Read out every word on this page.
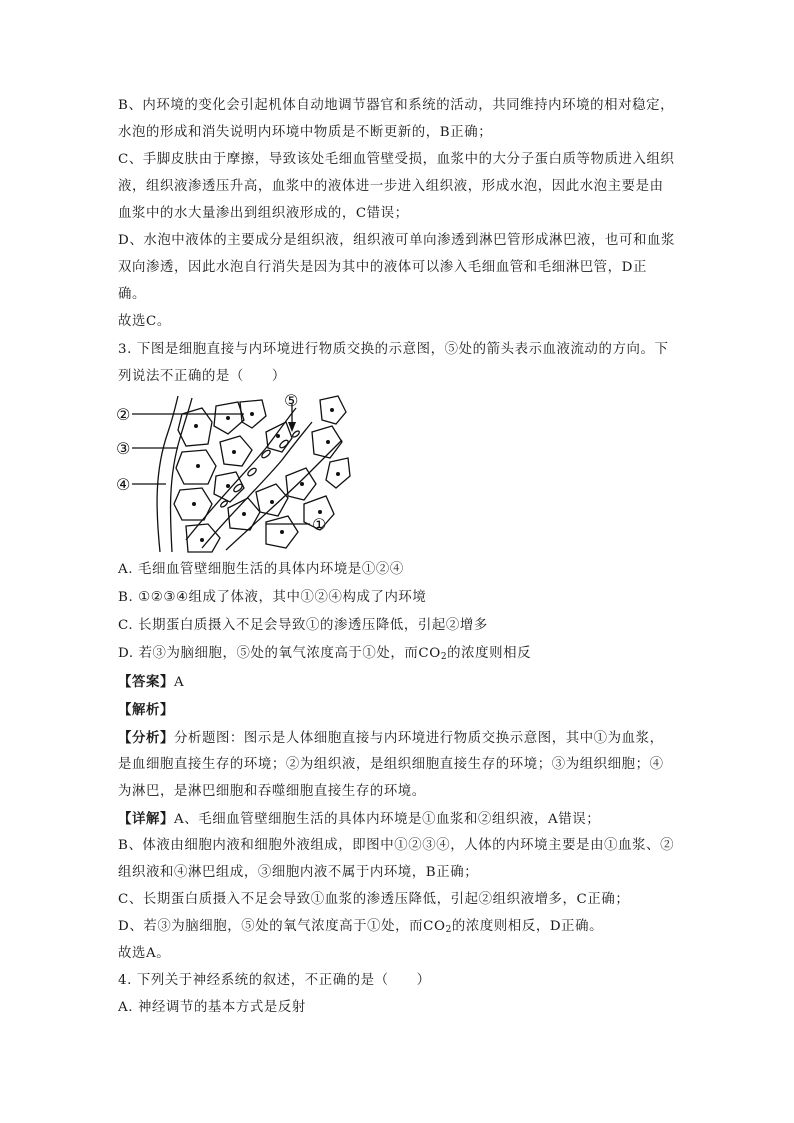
B、内环境的变化会引起机体自动地调节器官和系统的活动，共同维持内环境的相对稳定，
水泡的形成和消失说明内环境中物质是不断更新的，B正确；
C、手脚皮肤由于摩擦，导致该处毛细血管壁受损，血浆中的大分子蛋白质等物质进入组织
液，组织液渗透压升高，血浆中的液体进一步进入组织液，形成水泡，因此水泡主要是由
血浆中的水大量渗出到组织液形成的，C错误；
D、水泡中液体的主要成分是组织液，组织液可单向渗透到淋巴管形成淋巴液，也可和血浆
双向渗透，因此水泡自行消失是因为其中的液体可以渗入毛细血管和毛细淋巴管，D正
确。
故选C。
3. 下图是细胞直接与内环境进行物质交换的示意图，⑤处的箭头表示血液流动的方向。下
列说法不正确的是（　　）
②
③
④
⑤
①
A. 毛细血管壁细胞生活的具体内环境是①②④
B. ①②③④组成了体液，其中①②④构成了内环境
C. 长期蛋白质摄入不足会导致①的渗透压降低，引起②增多
D. 若③为脑细胞，⑤处的氧气浓度高于①处，而$CO_2$的浓度则相反
【答案】A
【解析】
【分析】分析题图：图示是人体细胞直接与内环境进行物质交换示意图，其中①为血浆，
是血细胞直接生存的环境；②为组织液，是组织细胞直接生存的环境；③为组织细胞；④
为淋巴，是淋巴细胞和吞噬细胞直接生存的环境。
【详解】A、毛细血管壁细胞生活的具体内环境是①血浆和②组织液，A错误；
B、体液由细胞内液和细胞外液组成，即图中①②③④，人体的内环境主要是由①血浆、②
组织液和④淋巴组成，③细胞内液不属于内环境，B正确；
C、长期蛋白质摄入不足会导致①血浆的渗透压降低，引起②组织液增多，C正确；
D、若③为脑细胞，⑤处的氧气浓度高于①处，而$CO_2$的浓度则相反，D正确。
故选A。
4. 下列关于神经系统的叙述，不正确的是（　　）
A. 神经调节的基本方式是反射
